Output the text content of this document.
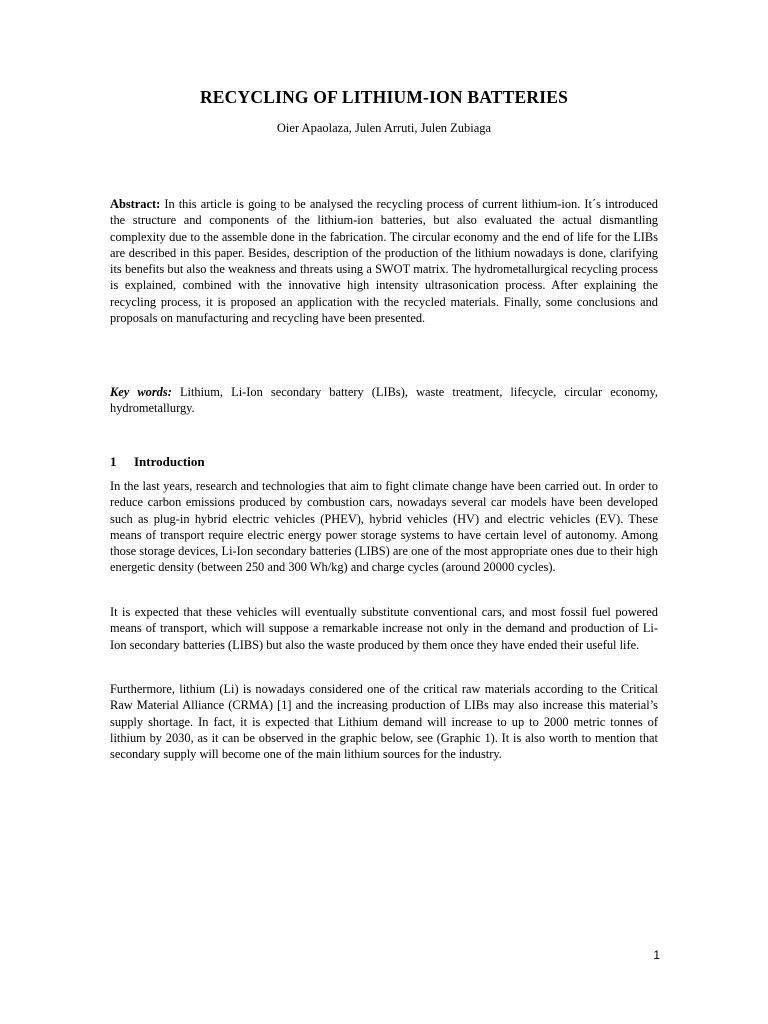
RECYCLING OF LITHIUM-ION BATTERIES

Oier Apaolaza, Julen Arruti, Julen Zubiaga

Abstract: In this article is going to be analysed the recycling process of current lithium-ion. It´s introduced the structure and components of the lithium-ion batteries, but also evaluated the actual dismantling complexity due to the assemble done in the fabrication. The circular economy and the end of life for the LIBs are described in this paper. Besides, description of the production of the lithium nowadays is done, clarifying its benefits but also the weakness and threats using a SWOT matrix. The hydrometallurgical recycling process is explained, combined with the innovative high intensity ultrasonication process. After explaining the recycling process, it is proposed an application with the recycled materials. Finally, some conclusions and proposals on manufacturing and recycling have been presented.

Key words: Lithium, Li-Ion secondary battery (LIBs), waste treatment, lifecycle, circular economy, hydrometallurgy.

1 Introduction

In the last years, research and technologies that aim to fight climate change have been carried out. In order to reduce carbon emissions produced by combustion cars, nowadays several car models have been developed such as plug-in hybrid electric vehicles (PHEV), hybrid vehicles (HV) and electric vehicles (EV). These means of transport require electric energy power storage systems to have certain level of autonomy. Among those storage devices, Li-Ion secondary batteries (LIBS) are one of the most appropriate ones due to their high energetic density (between 250 and 300 Wh/kg) and charge cycles (around 20000 cycles).

It is expected that these vehicles will eventually substitute conventional cars, and most fossil fuel powered means of transport, which will suppose a remarkable increase not only in the demand and production of Li-Ion secondary batteries (LIBS) but also the waste produced by them once they have ended their useful life.

Furthermore, lithium (Li) is nowadays considered one of the critical raw materials according to the Critical Raw Material Alliance (CRMA) [1] and the increasing production of LIBs may also increase this material’s supply shortage. In fact, it is expected that Lithium demand will increase to up to 2000 metric tonnes of lithium by 2030, as it can be observed in the graphic below, see (Graphic 1). It is also worth to mention that secondary supply will become one of the main lithium sources for the industry.

1
